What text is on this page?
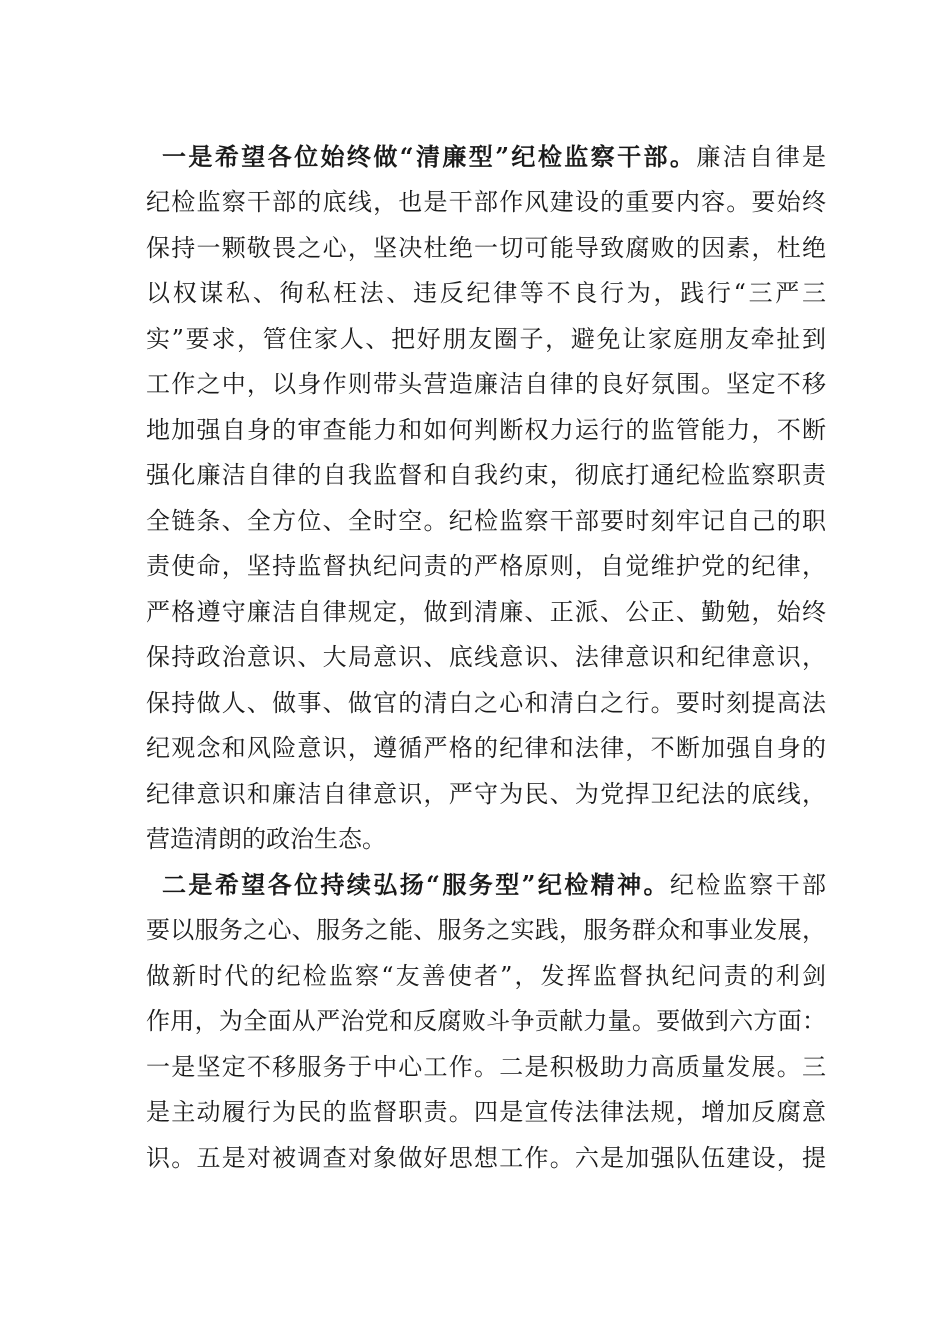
一是希望各位始终做“清廉型”纪检监察干部。廉洁自律是
纪检监察干部的底线，也是干部作风建设的重要内容。要始终
保持一颗敬畏之心，坚决杜绝一切可能导致腐败的因素，杜绝
以权谋私、徇私枉法、违反纪律等不良行为，践行“三严三
实”要求，管住家人、把好朋友圈子，避免让家庭朋友牵扯到
工作之中，以身作则带头营造廉洁自律的良好氛围。坚定不移
地加强自身的审查能力和如何判断权力运行的监管能力，不断
强化廉洁自律的自我监督和自我约束，彻底打通纪检监察职责
全链条、全方位、全时空。纪检监察干部要时刻牢记自己的职
责使命，坚持监督执纪问责的严格原则，自觉维护党的纪律，
严格遵守廉洁自律规定，做到清廉、正派、公正、勤勉，始终
保持政治意识、大局意识、底线意识、法律意识和纪律意识，
保持做人、做事、做官的清白之心和清白之行。要时刻提高法
纪观念和风险意识，遵循严格的纪律和法律，不断加强自身的
纪律意识和廉洁自律意识，严守为民、为党捍卫纪法的底线，
营造清朗的政治生态。
二是希望各位持续弘扬“服务型”纪检精神。纪检监察干部
要以服务之心、服务之能、服务之实践，服务群众和事业发展，
做新时代的纪检监察“友善使者”，发挥监督执纪问责的利剑
作用，为全面从严治党和反腐败斗争贡献力量。要做到六方面：
一是坚定不移服务于中心工作。二是积极助力高质量发展。三
是主动履行为民的监督职责。四是宣传法律法规，增加反腐意
识。五是对被调查对象做好思想工作。六是加强队伍建设，提
